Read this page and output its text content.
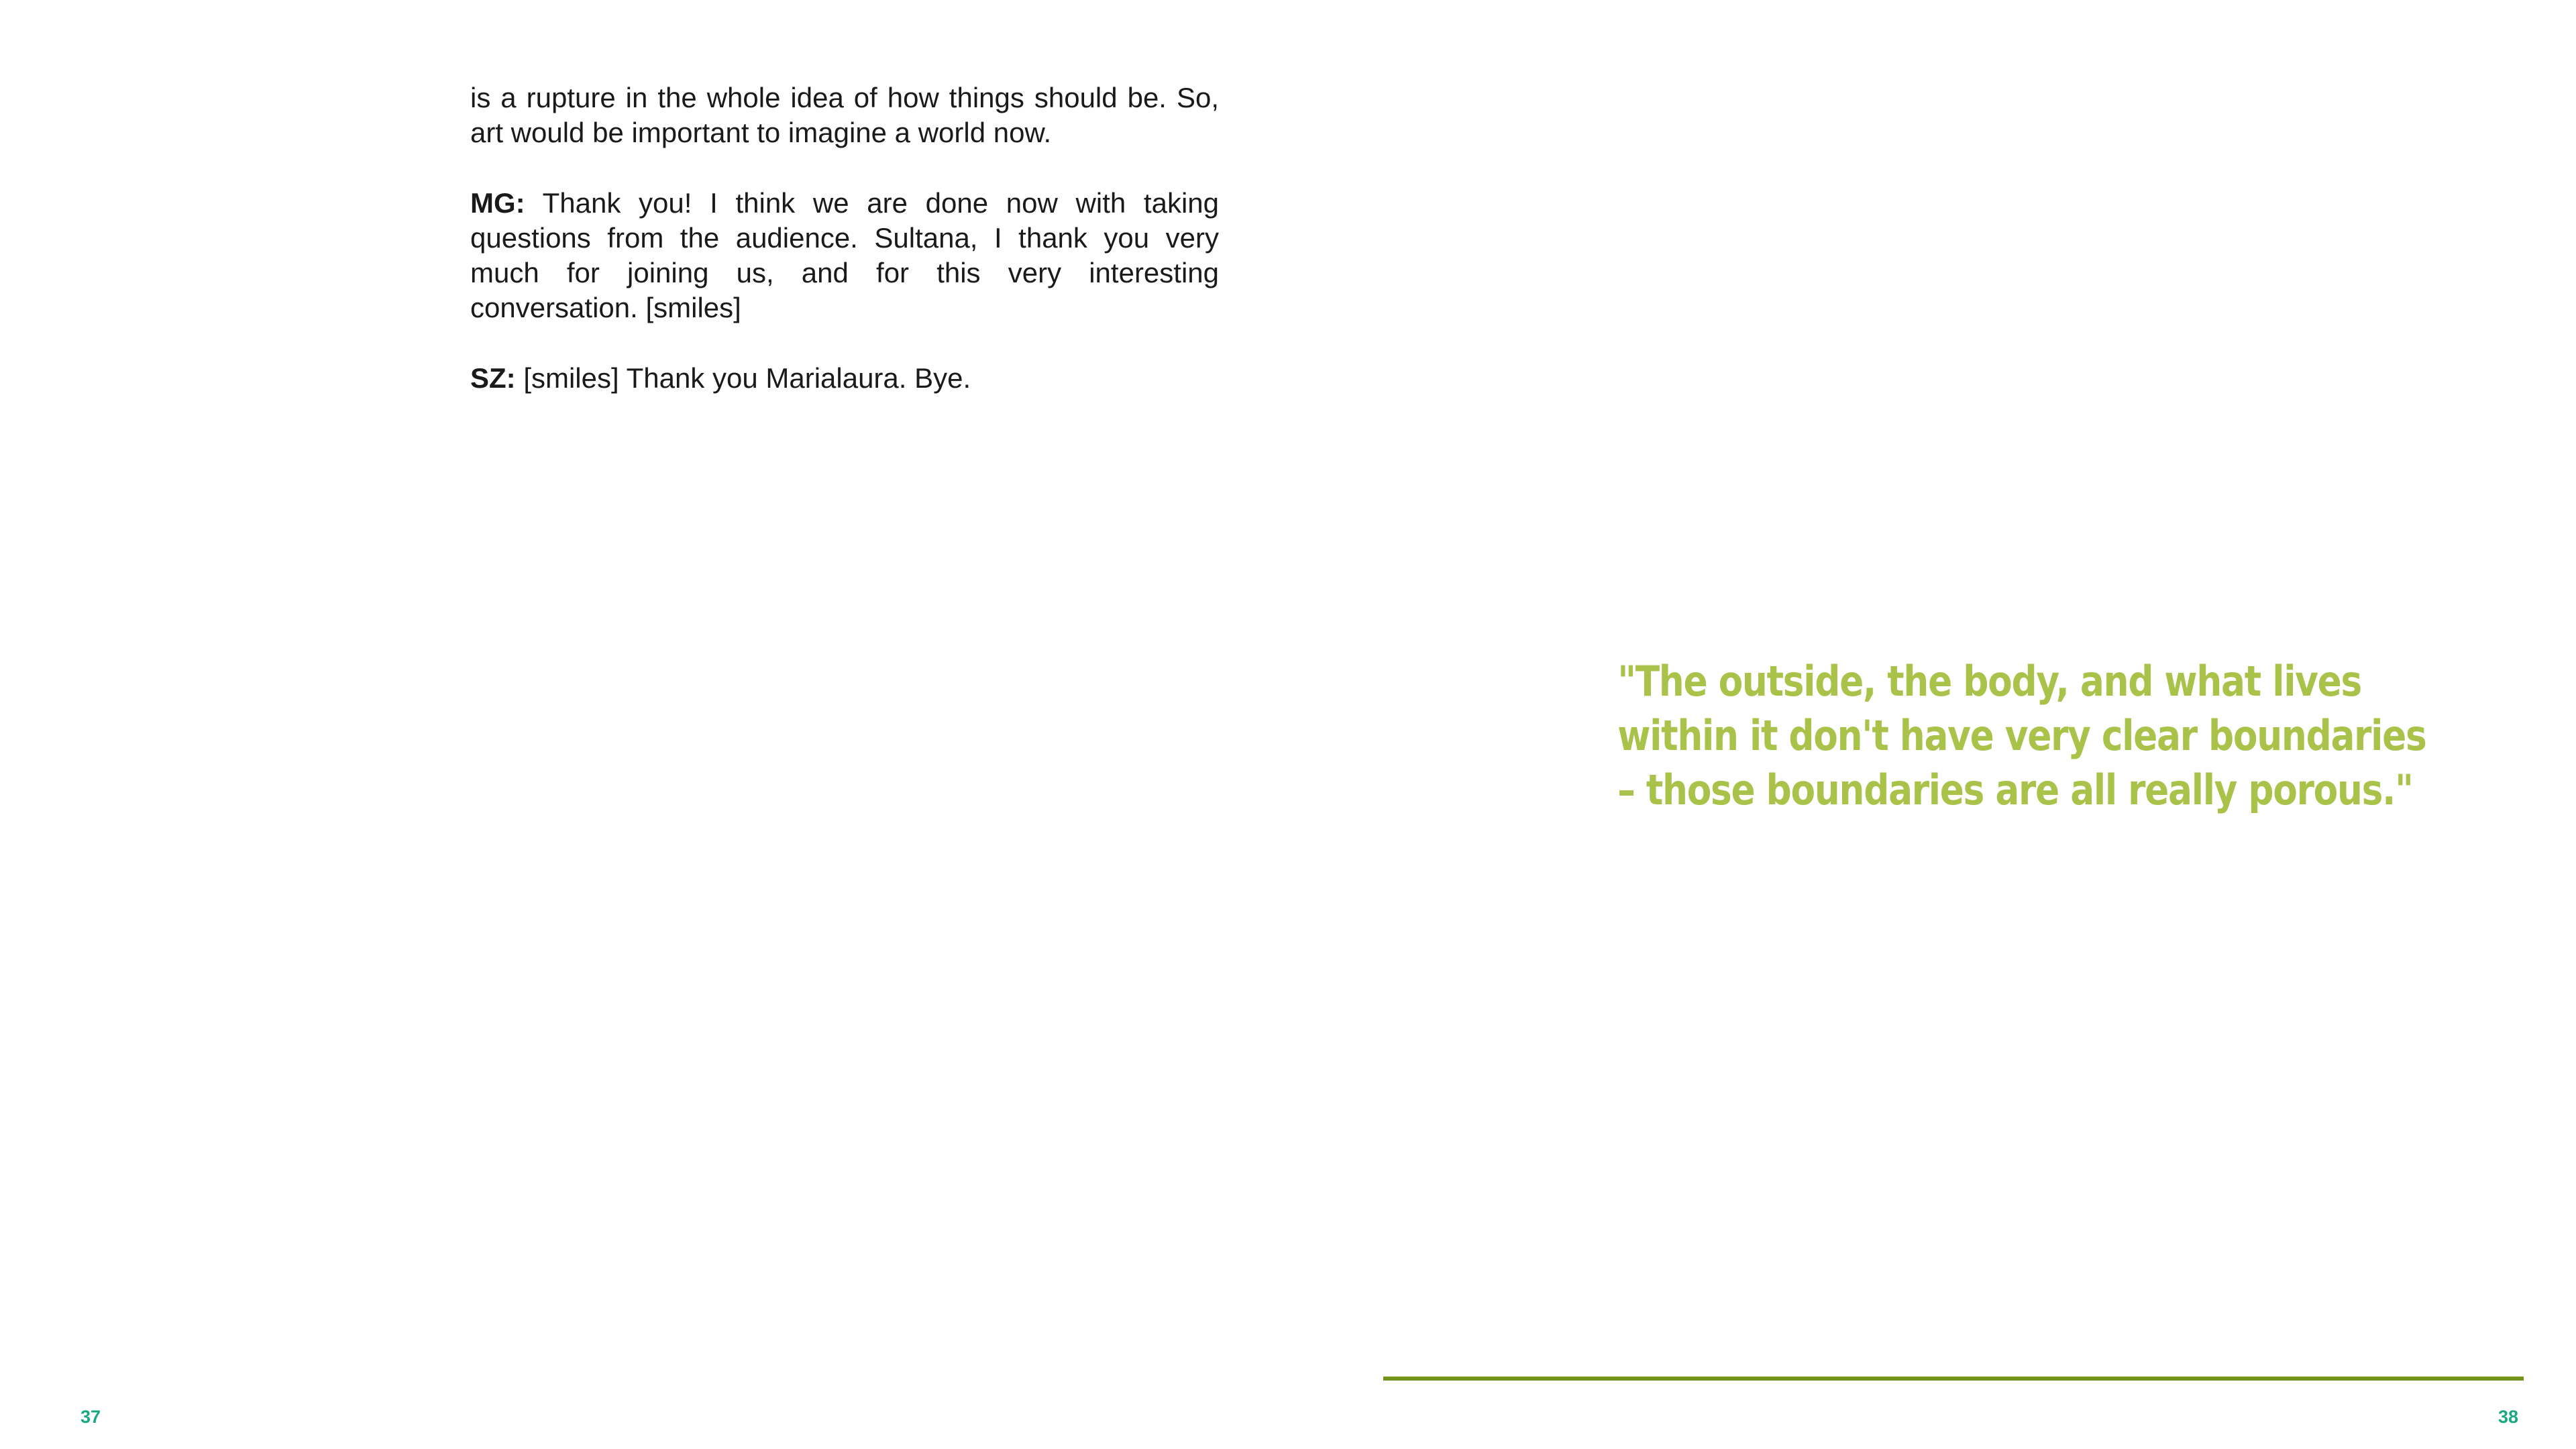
is a rupture in the whole idea of how things should be. So, art would be important to imagine a world now.

MG: Thank you! I think we are done now with taking questions from the audience. Sultana, I thank you very much for joining us, and for this very interesting conversation. [smiles]

SZ: [smiles] Thank you Marialaura. Bye.

"The outside, the body, and what lives
within it don't have very clear boundaries
– those boundaries are all really porous."
37	38
